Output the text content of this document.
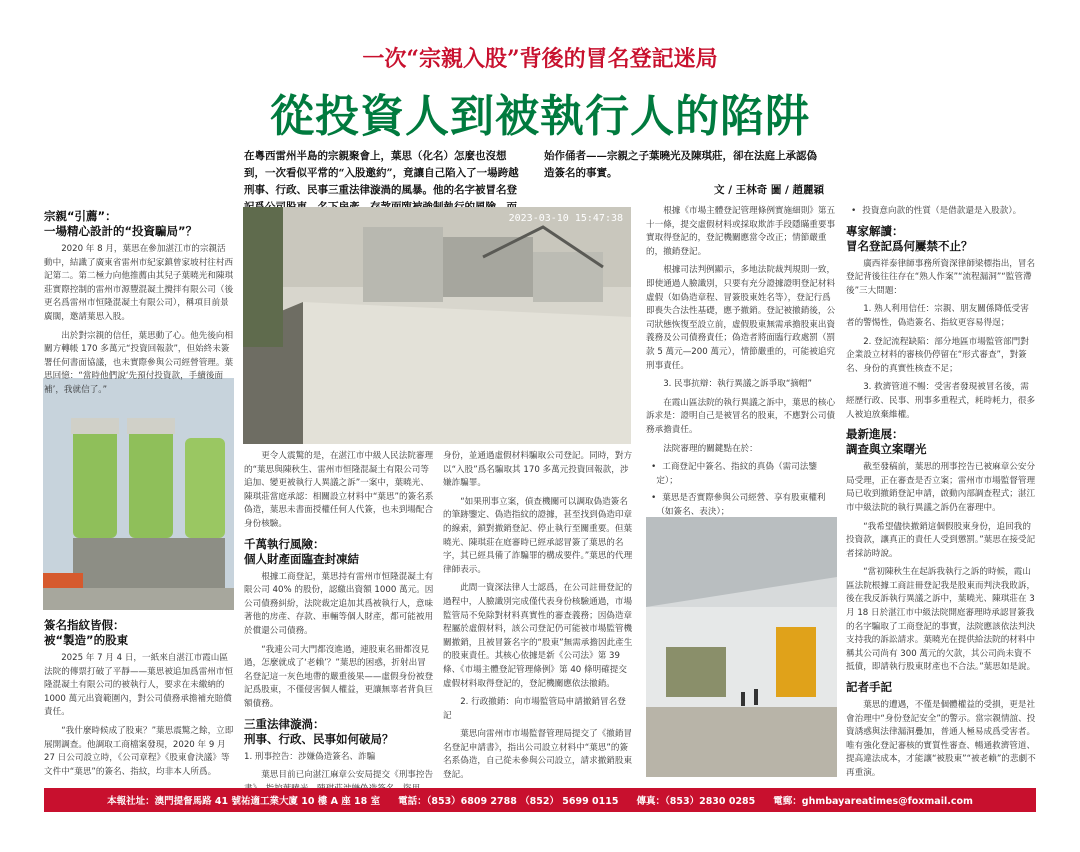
一次“宗親入股”背後的冒名登記迷局
從投資人到被執行人的陷阱
在粵西雷州半島的宗親聚會上，葉思（化名）怎麼也沒想到，一次看似平常的“入股邀約”，竟讓自己陷入了一場跨越刑事、行政、民事三重法律漩渦的風暴。他的名字被冒名登 始作俑者——宗親之子葉曉光及陳琪莊，卻在法庭上承認偽造簽名的事實。
文 / 王林奇 圖 / 趙麗穎
2023-03-10 15:47:38
宗親“引薦”：
一場精心設計的“投資騙局”？

2020 年 8 月，葉思在參加湛江市的宗親活動中，結識了廣東省雷州市紀家鎮曾家坡村往村西記第二。第二極力向他推薦由其兒子葉曉光和陳琪莊實際控制的雷州市源豐混凝土攪拌有限公司（後更名爲雷州市恒隆混凝土有限公司），稱項目前景廣闊，邀請葉思入股。

出於對宗親的信任，葉思動了心。他先後向相關方轉帳 170 多萬元“投資回報款”，但始終未簽署任何書面協議，也未實際參與公司經營管理。葉思回憶：“當時他們說‘先預付投資款，手續後面補’，我就信了。”

簽名指紋皆假：
被“製造”的股東

2025 年 7 月 4 日，一紙來自湛江市霞山區法院的傳票打破了平靜——葉思被追加爲雷州市恒隆混凝土有限公司的被執行人，要求在未繳納的 1000 萬元出資範圍內，對公司債務承擔補充賠償責任。

“我什麼時候成了股東？”葉思震驚之餘，立即展開調查。他調取工商檔案發現，2020 年 9 月 27 日公司設立時，《公司章程》《股東會決議》等文件中“葉思”的簽名、指紋，均非本人所爲。

更令人震驚的是，在湛江市中級人民法院審理的“葉思與陳秋生、雷州市恒隆混凝土有限公司等追加、變更被執行人異議之訴”一案中，葉曉光、陳琪莊當庭承認：相關設立材料中“葉思”的簽名系偽造，葉思未書面授權任何人代簽，也未到場配合身份核驗。

千萬執行風險：
個人財產面臨查封凍結

根據工商登記，葉思持有雷州市恒隆混凝土有限公司 40% 的股份，認繳出資額 1000 萬元。因公司債務糾紛，法院裁定追加其爲被執行人，意味著他的房產、存款、車輛等個人財產，都可能被用於償還公司債務。

“我連公司大門都沒進過，連股東名冊都沒見過，怎麼就成了‘老賴’？”葉思的困惑，折射出冒名登記這一灰色地帶的嚴重後果——虛假身份被登記爲股東，不僅侵害個人權益，更讓無辜者背負巨額債務。

三重法律漩渦：
刑事、行政、民事如何破局？

1. 刑事控告：涉嫌偽造簽名、詐騙

葉思目前已向湛江麻章公安局提交《刑事控告

身份，並通過虛假材料騙取公司登記。同時，對方以“入股”爲名騙取其 170 多萬元投資回報款，涉嫌詐騙罪。

“如果刑事立案，偵查機關可以調取偽造簽名的筆跡鑒定、偽造指紋的證據，甚至找到偽造印章的線索，鎖對撤銷登記、停止執行至關重要。但葉曉光、陳琪莊在庭審時已經承認冒簽了葉思的名字，其已經具備了詐騙罪的構成要件。”葉思的代理律師表示。

此間一資深法律人士認爲，在公司註冊登記的過程中，人臉識別完成僅代表身份核驗通過，市場監管局不免除對材料真實性的審查義務；因偽造章程屬於虛假材料，該公司登記仍可能被市場監管機關撤銷，且被冒簽名字的“股東”無需承擔因此產生的股東責任。其核心依據是新《公司法》第 39 條、《市場主體登記管理條例》第 40 條明確提交虛假材料取得登記的，登記機關應依法撤銷。

2. 行政撤銷：向市場監管局申請撤銷冒名登記

葉思向雷州市市場監督管理局提交了《撤銷冒名登記申請書》，指出公司設立材料中“葉思”的簽名系偽造，自己從未參與公司設立，請求撤銷股東登記。

根據《市場主體登記管理條例實施細則》第五十一條，提交虛假材料或採取欺詐手段隱瞞重要事實取得登記的，登記機關應當令改正；情節嚴重的，撤銷登記。

根據司法判例顯示，多地法院裁判規則一致，即使通過人臉識別，只要有充分證據證明登記材料虛假（如偽造章程、冒簽股東姓名等），登記行爲即喪失合法性基礎，應予撤銷。登記被撤銷後，公司狀態恢復至設立前，虛假股東無需承擔股東出資義務及公司債務責任；偽造者將面臨行政處罰（罰款 5 萬元—200 萬元），情節嚴重的，可能被追究刑事責任。

3. 民事抗辯：執行異議之訴爭取“摘帽”

在霞山區法院的執行異議之訴中，葉思的核心訴求是：證明自己是被冒名的股東，不應對公司債務承擔責任。

法院審理的關鍵點在於：

• 工商登記中簽名、指紋的真偽（需司法鑒定）；
• 葉思是否實際參與公司經營、享有股東權利（如簽名、表決）；
• 投資意向款的性質（是借款還是入股款）。
專家解讀：
冒名登記爲何屢禁不止？

廣西祥泰律師事務所資深律師梁標指出，冒名登記背後往往存在“熟人作案”“流程漏洞”“監管滯後”三大問題：

1. 熟人利用信任：宗親、朋友關係降低受害者的警惕性，偽造簽名、指紋更容易得逞；

2. 登記流程缺陷：部分地區市場監管部門對企業設立材料的審核仍停留在“形式審查”，對簽名、身份的真實性核查不足；

3. 救濟管道不暢：受害者發現被冒名後，需經歷行政、民事、刑事多重程式，耗時耗力，很多人被迫放棄維權。

最新進展：
調查與立案曙光

截至發稿前，葉思的刑事控告已被麻章公安分局受理，正在審查是否立案；雷州市市場監督管理局已收到撤銷登記申請，啟動內部調查程式；湛江市中級法院的執行異議之訴仍在審理中。

“我希望儘快撤銷這個假股東身份，追回我的投資款，讓真正的責任人受到懲罰。”葉思在接受記者採訪時說。

“當初陳秋生在起訴我執行之訴的時候，霞山區法院根據工商註冊登記我是股東而判決我敗訴，後在我反訴執行異議之訴中，葉曉光、陳琪莊在 3 月 18 日於湛江市中級法院開庭審理時承認冒簽我的名字騙取了工商登記的事實，法院應該依法判決支持我的訴訟請求。葉曉光在提供給法院的材料中稱其公司尚有 300 萬元的欠款，其公司尚未資不抵債，即請執行股東財產也不合法。”葉思如是說。

記者手記

葉思的遭遇，不僅是個體權益的受損，更是社會治理中“身份登記安全”的警示。當宗親情誼、投資誘惑與法律漏洞疊加，普通人極易成爲受害者。唯有強化登記審核的實質性審查、暢通救濟管道、提高違法成本，才能讓“被股東”“被老賴”的悲劇不再重演。

本報社址：澳門提督馬路 41 號祐適工業大廈 10 樓 A 座 18 室 電話：（853）6809 2788 （852） 5699 0115 傳真：（853）2830 0285 電郵：ghmbayareatimes@foxmail.com
